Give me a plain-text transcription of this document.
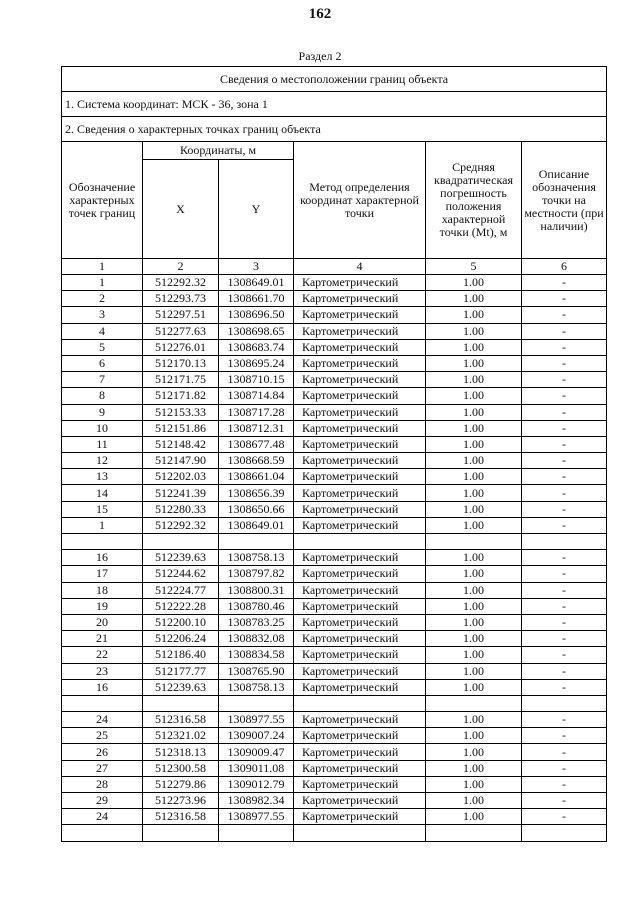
162
Раздел 2
Сведения о местоположении границ объекта					
1. Система координат: МСК - 36, зона 1					
2. Сведения о характерных точках границ объекта					
Обозначение характерных точек границ	Координаты, м		Метод определения координат характерной точки	Средняя квадратическая погрешность положения характерной точки (Mt), м	Описание обозначения точки на местности (при наличии)
	X	Y			
1	2	3	4	5	6
1	512292.32	1308649.01	Картометрический	1.00	-
2	512293.73	1308661.70	Картометрический	1.00	-
3	512297.51	1308696.50	Картометрический	1.00	-
4	512277.63	1308698.65	Картометрический	1.00	-
5	512276.01	1308683.74	Картометрический	1.00	-
6	512170.13	1308695.24	Картометрический	1.00	-
7	512171.75	1308710.15	Картометрический	1.00	-
8	512171.82	1308714.84	Картометрический	1.00	-
9	512153.33	1308717.28	Картометрический	1.00	-
10	512151.86	1308712.31	Картометрический	1.00	-
11	512148.42	1308677.48	Картометрический	1.00	-
12	512147.90	1308668.59	Картометрический	1.00	-
13	512202.03	1308661.04	Картометрический	1.00	-
14	512241.39	1308656.39	Картометрический	1.00	-
15	512280.33	1308650.66	Картометрический	1.00	-
1	512292.32	1308649.01	Картометрический	1.00	-

16	512239.63	1308758.13	Картометрический	1.00	-
17	512244.62	1308797.82	Картометрический	1.00	-
18	512224.77	1308800.31	Картометрический	1.00	-
19	512222.28	1308780.46	Картометрический	1.00	-
20	512200.10	1308783.25	Картометрический	1.00	-
21	512206.24	1308832.08	Картометрический	1.00	-
22	512186.40	1308834.58	Картометрический	1.00	-
23	512177.77	1308765.90	Картометрический	1.00	-
16	512239.63	1308758.13	Картометрический	1.00	-

24	512316.58	1308977.55	Картометрический	1.00	-
25	512321.02	1309007.24	Картометрический	1.00	-
26	512318.13	1309009.47	Картометрический	1.00	-
27	512300.58	1309011.08	Картометрический	1.00	-
28	512279.86	1309012.79	Картометрический	1.00	-
29	512273.96	1308982.34	Картометрический	1.00	-
24	512316.58	1308977.55	Картометрический	1.00	-
